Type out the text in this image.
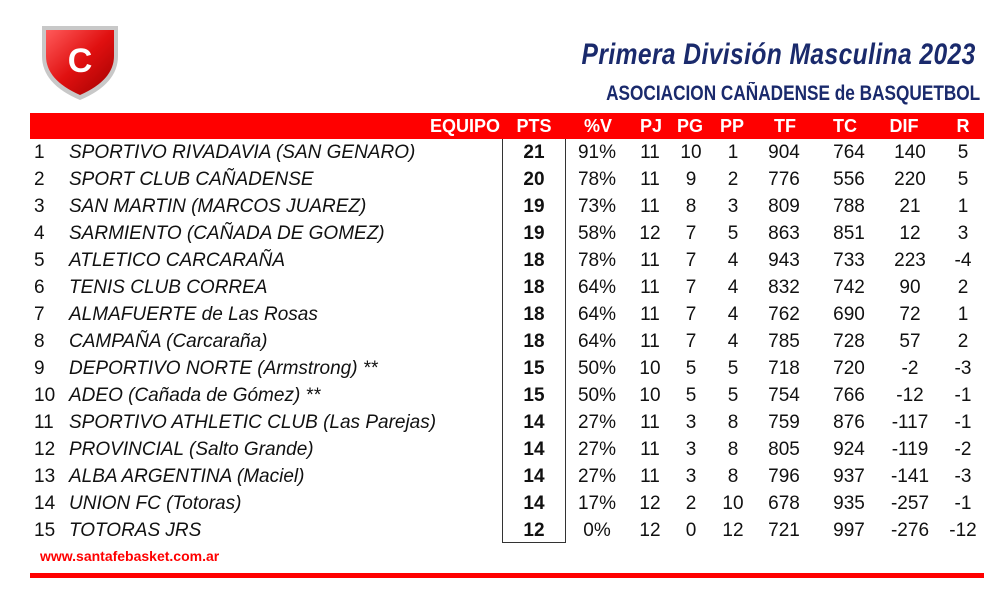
C	Primera División Masculina 2023
ASOCIACION CAÑADENSE de BASQUETBOL
EQUIPO PTS	%V	PJ PG PP	TF	TC	DIF	R
1	SPORTIVO RIVADAVIA (SAN GENARO)	21	91%	11	10	1	904	764	140	5
2	SPORT CLUB CAÑADENSE	20	78%	11	9	2	776	556	220	5
3	SAN MARTIN (MARCOS JUAREZ)	19	73%	11	8	3	809	788	21	1
4	SARMIENTO (CAÑADA DE GOMEZ)	19	58%	12	7	5	863	851	12	3
5	ATLETICO CARCARAÑA	18	78%	11	7	4	943	733	223	-4
6	TENIS CLUB CORREA	18	64%	11	7	4	832	742	90	2
7	ALMAFUERTE de Las Rosas	18	64%	11	7	4	762	690	72	1
8	CAMPAÑA (Carcaraña)	18	64%	11	7	4	785	728	57	2
9	DEPORTIVO NORTE (Armstrong) **	15	50%	10	5	5	718	720	-2	-3
10 ADEO (Cañada de Gómez) **	15	50%	10	5	5	754	766	-12	-1
11 SPORTIVO ATHLETIC CLUB (Las Parejas)	14	27%	11	3	8	759	876	-117	-1
12 PROVINCIAL (Salto Grande)	14	27%	11	3	8	805	924	-119	-2
13 ALBA ARGENTINA (Maciel)	14	27%	11	3	8	796	937	-141	-3
14 UNION FC (Totoras)	14	17%	12	2	10	678	935	-257	-1
15 TOTORAS JRS	12	0%	12	0	12	721	997	-276	-12
www.santafebasket.com.ar
